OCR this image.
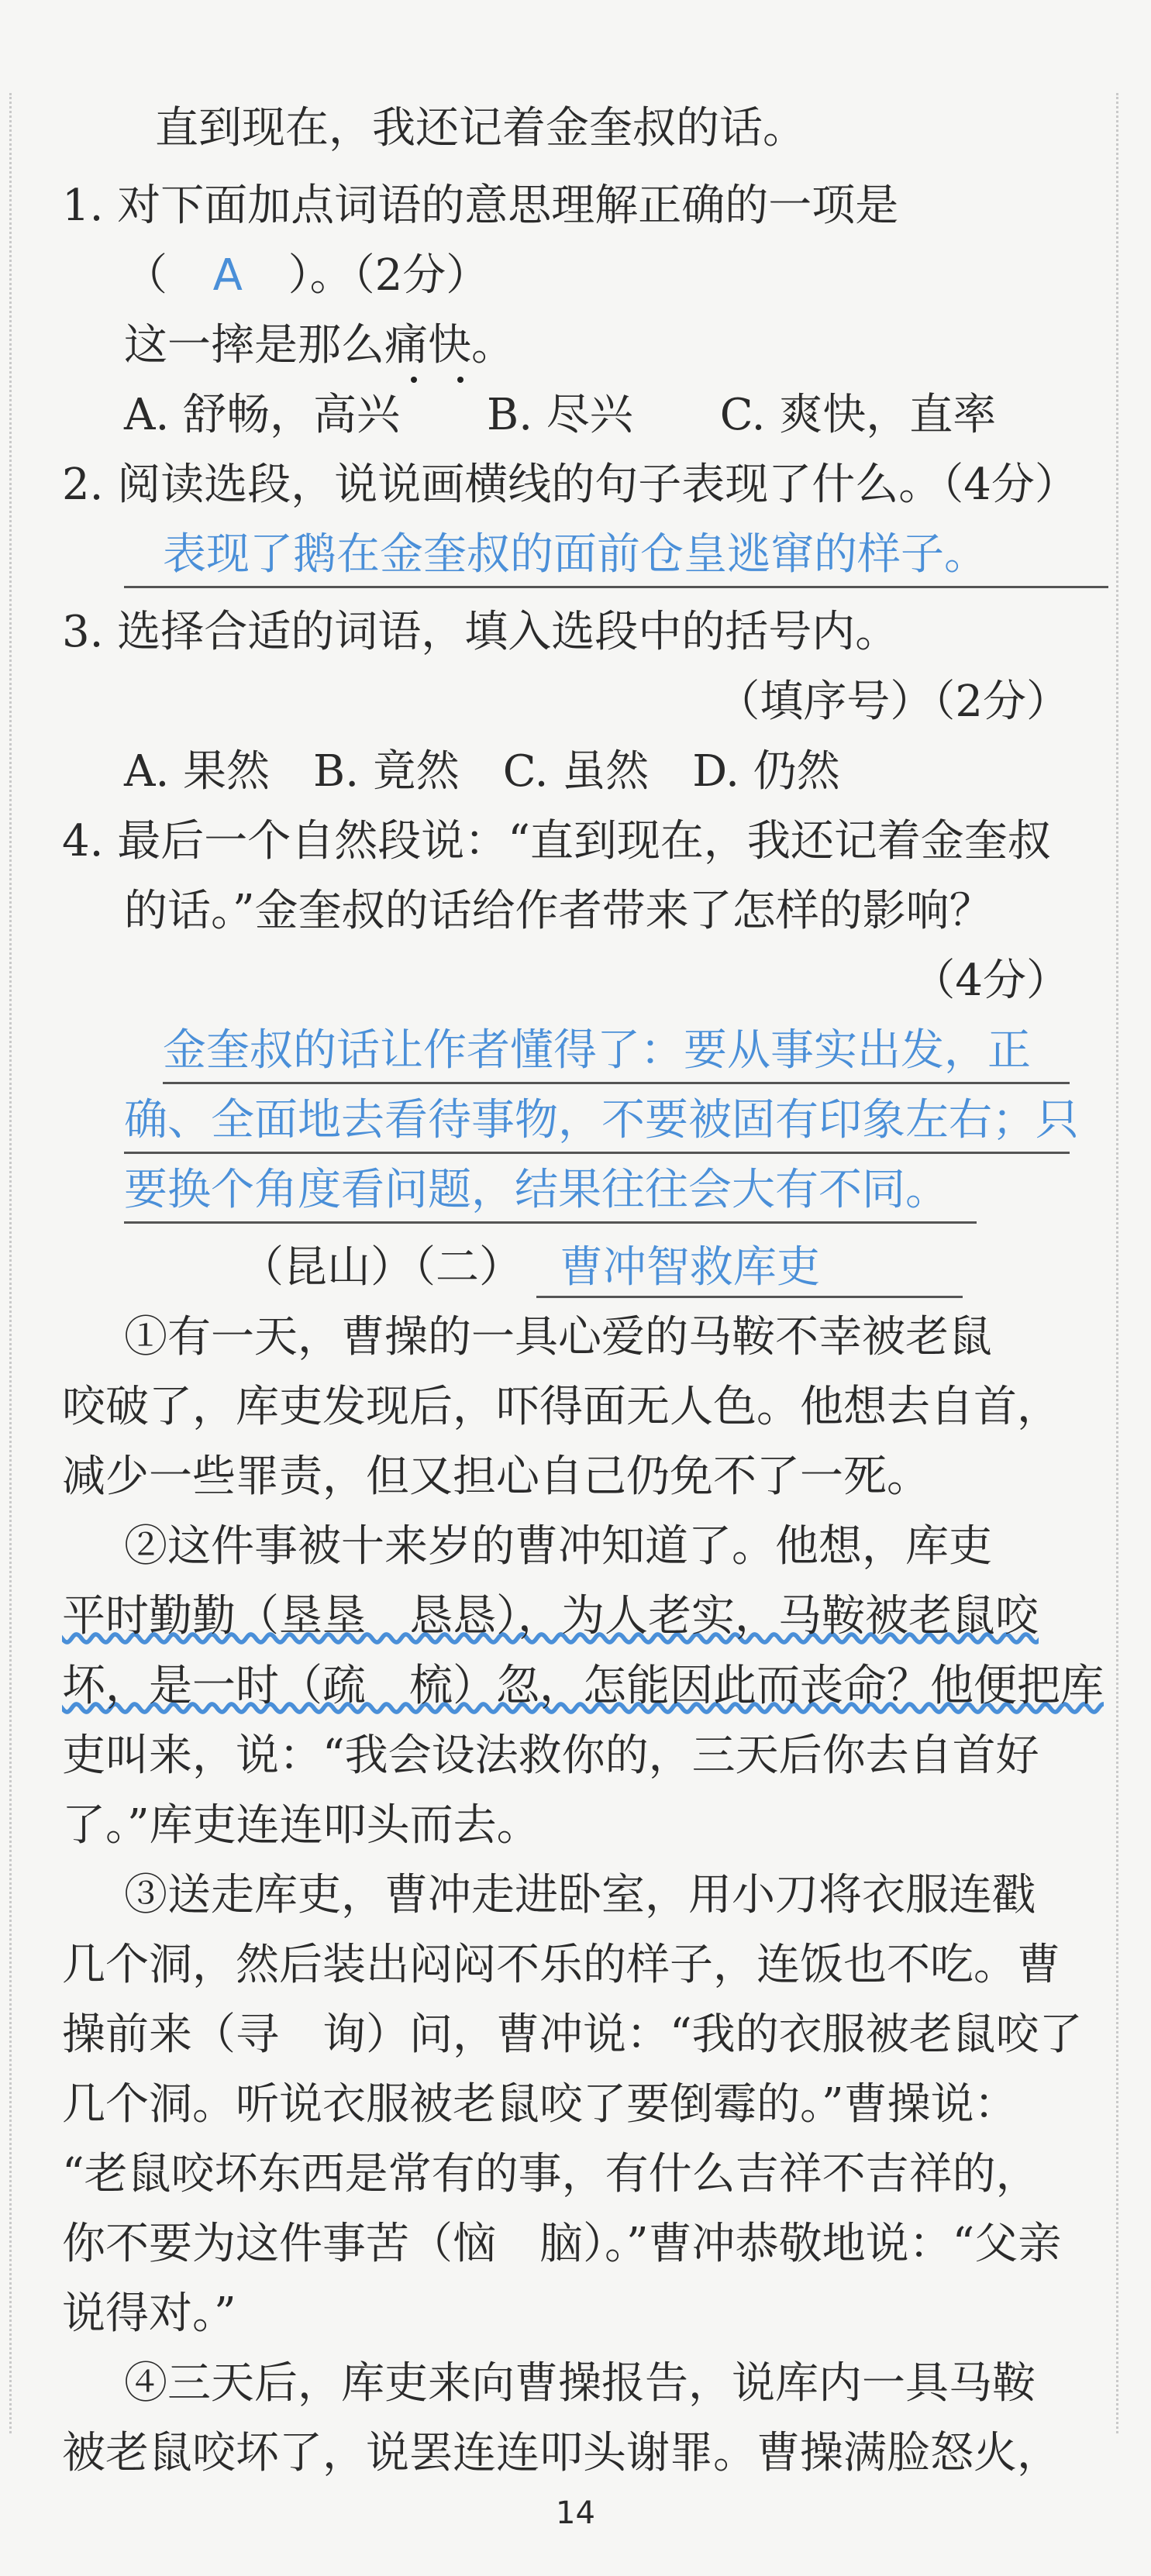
直到现在，我还记着金奎叔的话。
1. 对下面加点词语的意思理解正确的一项是
（ A ）。（2分）
这一摔是那么痛快。
A. 舒畅，高兴　　B. 尽兴　　C. 爽快，直率
2. 阅读选段，说说画横线的句子表现了什么。（4分）
表现了鹅在金奎叔的面前仓皇逃窜的样子。
3. 选择合适的词语，填入选段中的括号内。
（填序号）（2分）
A. 果然　B. 竟然　C. 虽然　D. 仍然
4. 最后一个自然段说：“直到现在，我还记着金奎叔
的话。”金奎叔的话给作者带来了怎样的影响？
（4分）
金奎叔的话让作者懂得了：要从事实出发，正
确、全面地去看待事物，不要被固有印象左右；只
要换个角度看问题，结果往往会大有不同。
（昆山）（二） 曹冲智救库吏
①有一天，曹操的一具心爱的马鞍不幸被老鼠
咬破了，库吏发现后，吓得面无人色。他想去自首，
减少一些罪责，但又担心自己仍免不了一死。
②这件事被十来岁的曹冲知道了。他想，库吏
平时勤勤（垦垦　恳恳），为人老实，马鞍被老鼠咬
坏，是一时（疏　梳）忽，怎能因此而丧命？他便把库
吏叫来，说：“我会设法救你的，三天后你去自首好
了。”库吏连连叩头而去。
③送走库吏，曹冲走进卧室，用小刀将衣服连戳
几个洞，然后装出闷闷不乐的样子，连饭也不吃。曹
操前来（寻　询）问，曹冲说：“我的衣服被老鼠咬了
几个洞。听说衣服被老鼠咬了要倒霉的。”曹操说：
“老鼠咬坏东西是常有的事，有什么吉祥不吉祥的，
你不要为这件事苦（恼　脑）。”曹冲恭敬地说：“父亲
说得对。”
④三天后，库吏来向曹操报告，说库内一具马鞍
被老鼠咬坏了，说罢连连叩头谢罪。曹操满脸怒火，
14
